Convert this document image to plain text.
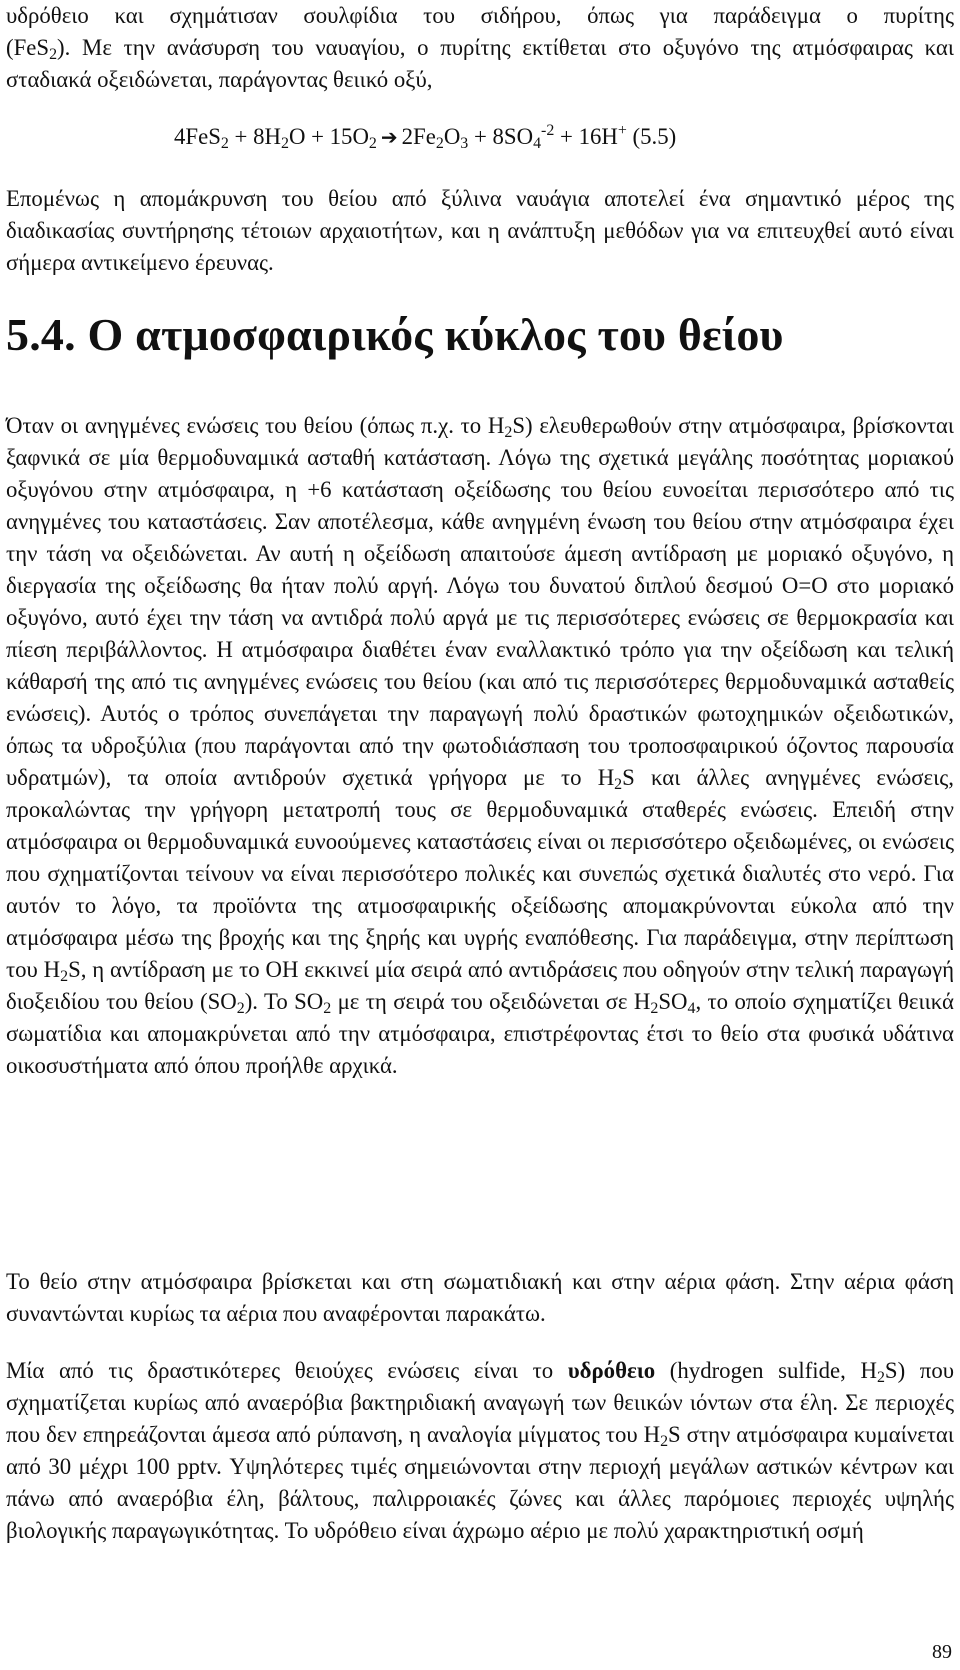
υδρόθειο και σχημάτισαν σουλφίδια του σιδήρου, όπως για παράδειγμα ο πυρίτης
(FeS$_2$). Με την ανάσυρση του ναυαγίου, ο πυρίτης εκτίθεται στο οξυγόνο της ατμόσφαιρας και σταδιακά οξειδώνεται, παράγοντας θειικό οξύ,

$4FeS_2 + 8H_2O + 15O_2$ ➔ $2Fe_2O_3 + 8SO_4^{-2} + 16H^+$ (5.5)

Επομένως η απομάκρυνση του θείου από ξύλινα ναυάγια αποτελεί ένα σημαντικό μέρος της διαδικασίας συντήρησης τέτοιων αρχαιοτήτων, και η ανάπτυξη μεθόδων για να επιτευχθεί αυτό είναι σήμερα αντικείμενο έρευνας.

5.4. Ο ατμοσφαιρικός κύκλος του θείου

Όταν οι ανηγμένες ενώσεις του θείου (όπως π.χ. το $H_2S$) ελευθερωθούν στην ατμόσφαιρα, βρίσκονται ξαφνικά σε μία θερμοδυναμικά ασταθή κατάσταση. Λόγω της σχετικά μεγάλης ποσότητας μοριακού οξυγόνου στην ατμόσφαιρα, η +6 κατάσταση οξείδωσης του θείου ευνοείται περισσότερο από τις ανηγμένες του καταστάσεις. Σαν αποτέλεσμα, κάθε ανηγμένη ένωση του θείου στην ατμόσφαιρα έχει την τάση να οξειδώνεται. Αν αυτή η οξείδωση απαιτούσε άμεση αντίδραση με μοριακό οξυγόνο, η διεργασία της οξείδωσης θα ήταν πολύ αργή. Λόγω του δυνατού διπλού δεσμού O=O στο μοριακό οξυγόνο, αυτό έχει την τάση να αντιδρά πολύ αργά με τις περισσότερες ενώσεις σε θερμοκρασία και πίεση περιβάλλοντος. Η ατμόσφαιρα διαθέτει έναν εναλλακτικό τρόπο για την οξείδωση και τελική κάθαρσή της από τις ανηγμένες ενώσεις του θείου (και από τις περισσότερες θερμοδυναμικά ασταθείς ενώσεις). Αυτός ο τρόπος συνεπάγεται την παραγωγή πολύ δραστικών φωτοχημικών οξειδωτικών, όπως τα υδροξύλια (που παράγονται από την φωτοδιάσπαση του τροποσφαιρικού όζοντος παρουσία υδρατμών), τα οποία αντιδρούν σχετικά γρήγορα με το $H_2S$ και άλλες ανηγμένες ενώσεις, προκαλώντας την γρήγορη μετατροπή τους σε θερμοδυναμικά σταθερές ενώσεις. Επειδή στην ατμόσφαιρα οι θερμοδυναμικά ευνοούμενες καταστάσεις είναι οι περισσότερο οξειδωμένες, οι ενώσεις που σχηματίζονται τείνουν να είναι περισσότερο πολικές και συνεπώς σχετικά διαλυτές στο νερό. Για αυτόν το λόγο, τα προϊόντα της ατμοσφαιρικής οξείδωσης απομακρύνονται εύκολα από την ατμόσφαιρα μέσω της βροχής και της ξηρής και υγρής εναπόθεσης. Για παράδειγμα, στην περίπτωση του $H_2S$, η αντίδραση με το OH εκκινεί μία σειρά από αντιδράσεις που οδηγούν στην τελική παραγωγή διοξειδίου του θείου $(SO_2)$. Το $SO_2$ με τη σειρά του οξειδώνεται σε $H_2SO_4$, το οποίο σχηματίζει θειικά σωματίδια και απομακρύνεται από την ατμόσφαιρα, επιστρέφοντας έτσι το θείο στα φυσικά υδάτινα οικοσυστήματα από όπου προήλθε αρχικά.

Το θείο στην ατμόσφαιρα βρίσκεται και στη σωματιδιακή και στην αέρια φάση. Στην αέρια φάση συναντώνται κυρίως τα αέρια που αναφέρονται παρακάτω.

Μία από τις δραστικότερες θειούχες ενώσεις είναι το υδρόθειο (hydrogen sulfide, $H_2S$) που σχηματίζεται κυρίως από αναερόβια βακτηριδιακή αναγωγή των θειικών ιόντων στα έλη. Σε περιοχές που δεν επηρεάζονται άμεσα από ρύπανση, η αναλογία μίγματος του $H_2S$ στην ατμόσφαιρα κυμαίνεται από 30 μέχρι 100 pptv. Υψηλότερες τιμές σημειώνονται στην περιοχή μεγάλων αστικών κέντρων και πάνω από αναερόβια έλη, βάλτους, παλιρροιακές ζώνες και άλλες παρόμοιες περιοχές υψηλής βιολογικής παραγωγικότητας. Το υδρόθειο είναι άχρωμο αέριο με πολύ χαρακτηριστική οσμή

89
